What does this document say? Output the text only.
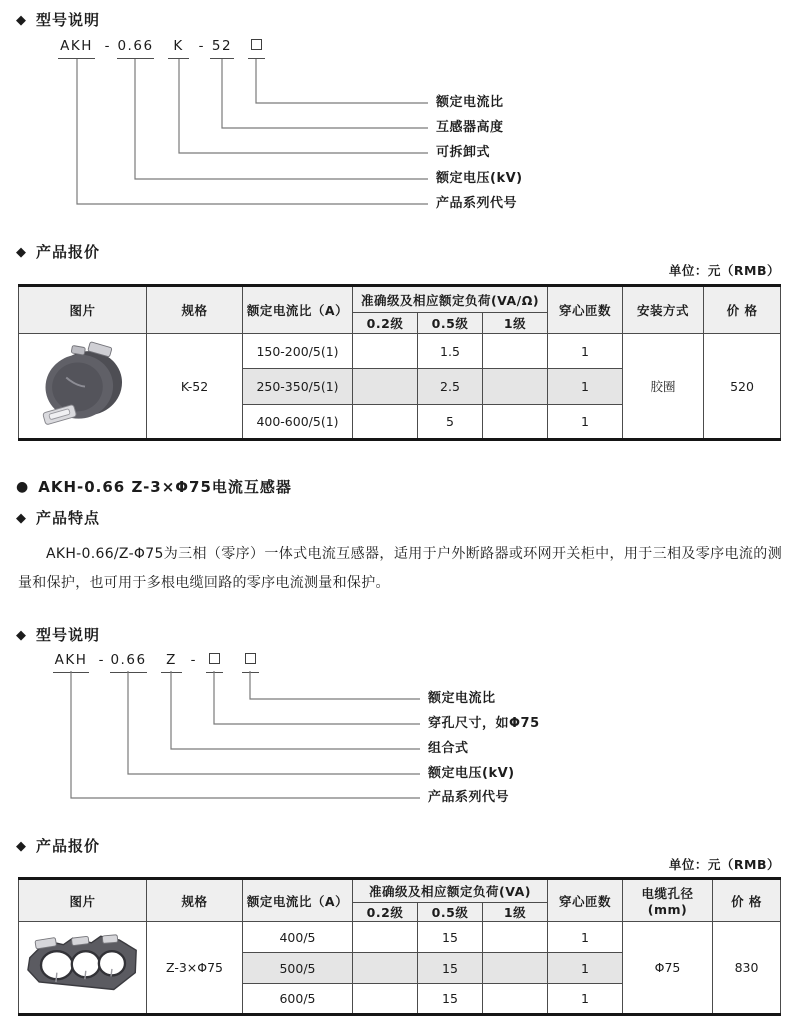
◆ 型号说明
AKH - 0.66	K	- 52
额定电流比
互感器高度
可拆卸式
额定电压(kV)
产品系列代号
◆ 产品报价
单位：元（RMB）
图片	规格	额定电流比（A）	准确级及相应额定负荷(VA/Ω)			穿心匝数	安装方式	价 格
			0.2级	0.5级	1级			

	K-52	150-200/5(1)		1.5		1	胶圈	520
		250-350/5(1)		2.5		1		
		400-600/5(1)		5		1		
● AKH-0.66 Z-3×Φ75电流互感器
◆ 产品特点
AKH-0.66/Z-Φ75为三相（零序）一体式电流互感器，适用于户外断路器或环网开关柜中，用于三相及零序电流的测量和保护，也可用于多根电缆回路的零序电流测量和保护。
◆ 型号说明
AKH - 0.66	Z	-
额定电流比
穿孔尺寸，如Φ75
组合式
额定电压(kV)
产品系列代号
◆ 产品报价
单位：元（RMB）
图片	规格	额定电流比（A）	准确级及相应额定负荷(VA)			穿心匝数	电缆孔径(mm)	价 格
			0.2级	0.5级	1级			

	Z-3×Φ75	400/5		15		1	Φ75	830
		500/5		15		1		
		600/5		15		1		
